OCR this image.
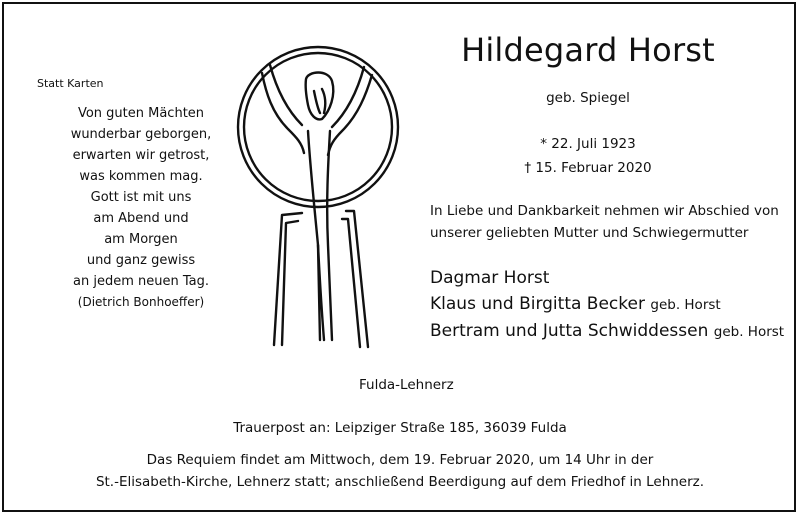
Statt Karten
Von guten Mächten
wunderbar geborgen,
erwarten wir getrost,
was kommen mag.
Gott ist mit uns
am Abend und
am Morgen
und ganz gewiss
an jedem neuen Tag.
(Dietrich Bonhoeffer)
Hildegard Horst
geb. Spiegel
* 22. Juli 1923
† 15. Februar 2020
In Liebe und Dankbarkeit nehmen wir Abschied von
unserer geliebten Mutter und Schwiegermutter
Dagmar Horst
Klaus und Birgitta Becker geb. Horst
Bertram und Jutta Schwiddessen geb. Horst
Fulda-Lehnerz
Trauerpost an: Leipziger Straße 185, 36039 Fulda
Das Requiem findet am Mittwoch, dem 19. Februar 2020, um 14 Uhr in der
St.-Elisabeth-Kirche, Lehnerz statt; anschließend Beerdigung auf dem Friedhof in Lehnerz.
